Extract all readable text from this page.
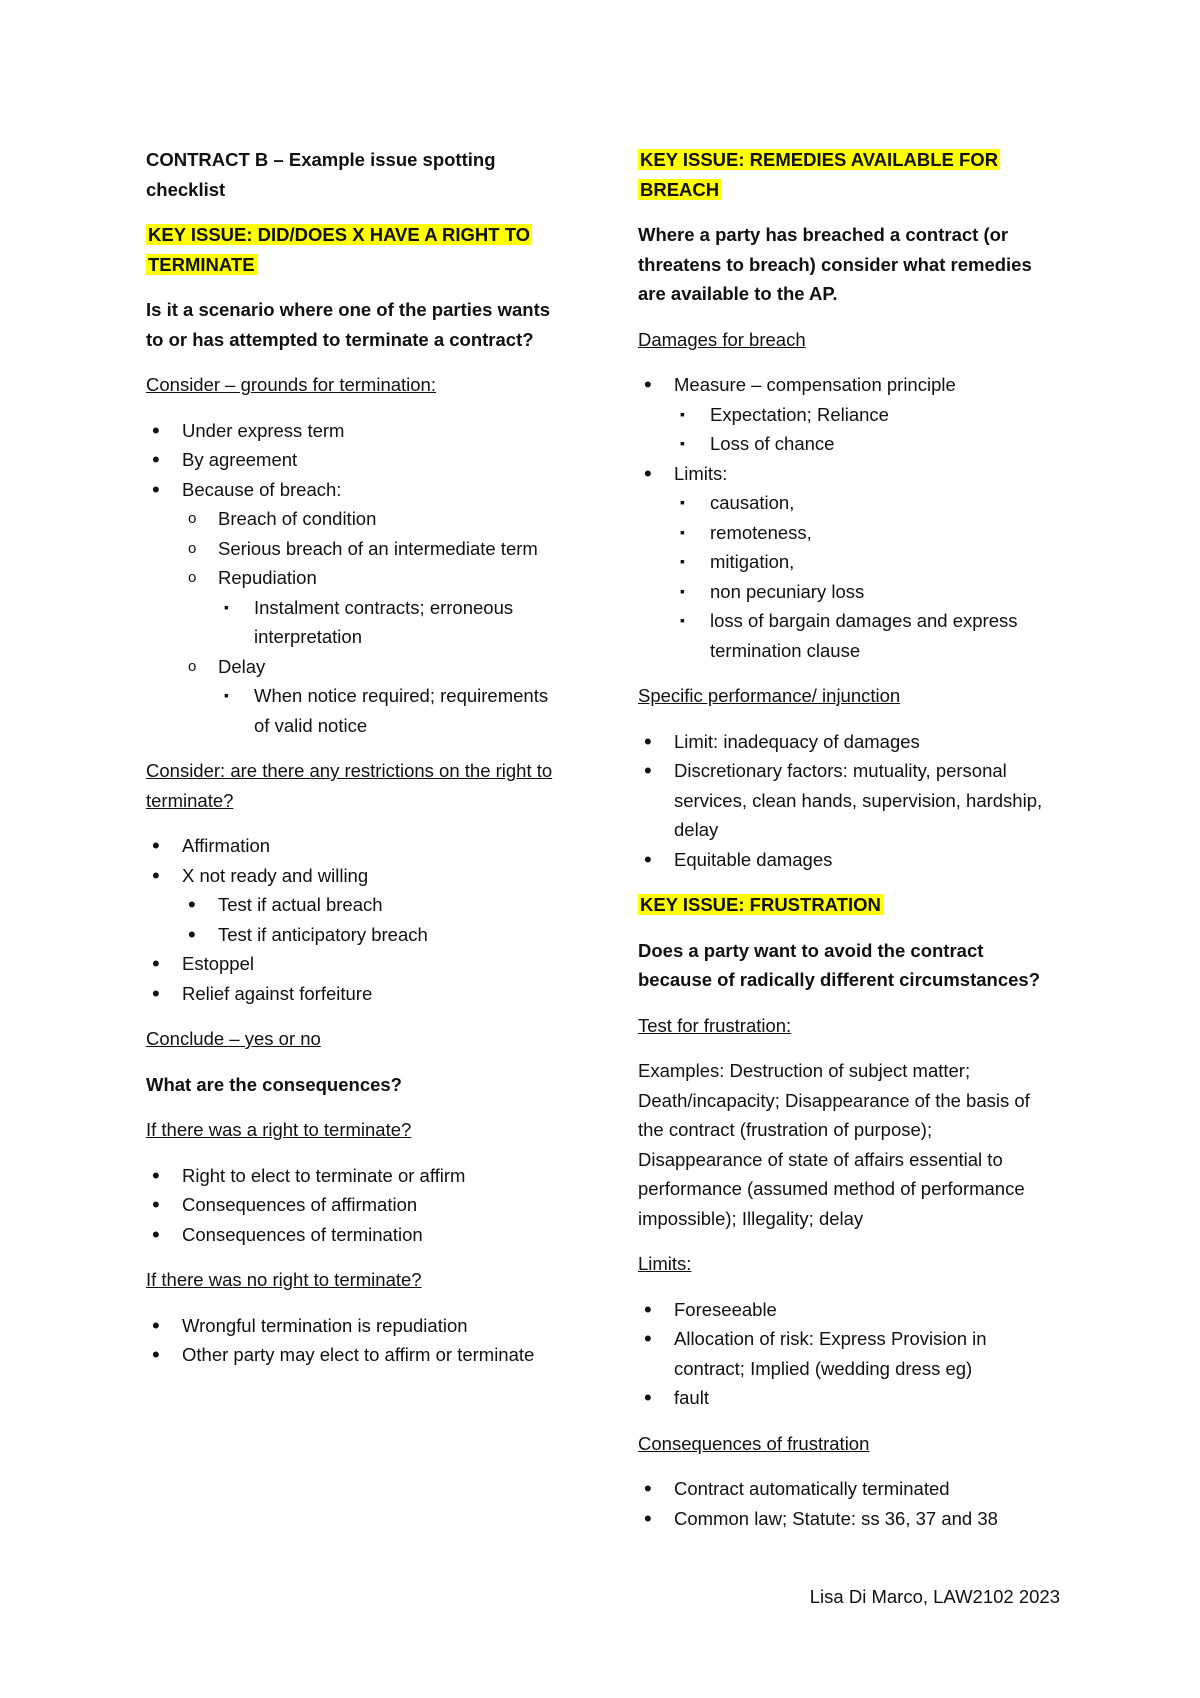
CONTRACT B – Example issue spotting checklist

KEY ISSUE: DID/DOES X HAVE A RIGHT TO TERMINATE

Is it a scenario where one of the parties wants to or has attempted to terminate a contract?

Consider – grounds for termination:

•
Under express term
•
By agreement
•
Because of breach:
o
Breach of condition
o
Serious breach of an intermediate term
o
Repudiation
▪
Instalment contracts; erroneous interpretation
o
Delay
▪
When notice required; requirements of valid notice

Consider: are there any restrictions on the right to terminate?

•
Affirmation
•
X not ready and willing
•
Test if actual breach
•
Test if anticipatory breach
•
Estoppel
•
Relief against forfeiture

Conclude – yes or no

What are the consequences?

If there was a right to terminate?

•
Right to elect to terminate or affirm
•
Consequences of affirmation
•
Consequences of termination

If there was no right to terminate?

•
Wrongful termination is repudiation
•
Other party may elect to affirm or terminate

KEY ISSUE: REMEDIES AVAILABLE FOR BREACH

Where a party has breached a contract (or threatens to breach) consider what remedies are available to the AP.

Damages for breach

•
Measure – compensation principle
▪
Expectation; Reliance
▪
Loss of chance
•
Limits:
▪
causation,
▪
remoteness,
▪
mitigation,
▪
non pecuniary loss
▪
loss of bargain damages and express termination clause

Specific performance/ injunction

•
Limit: inadequacy of damages
•
Discretionary factors: mutuality, personal services, clean hands, supervision, hardship, delay
•
Equitable damages

KEY ISSUE: FRUSTRATION

Does a party want to avoid the contract because of radically different circumstances?

Test for frustration:

Examples: Destruction of subject matter; Death/incapacity; Disappearance of the basis of the contract (frustration of purpose); Disappearance of state of affairs essential to performance (assumed method of performance impossible); Illegality; delay

Limits:

•
Foreseeable
•
Allocation of risk: Express Provision in contract; Implied (wedding dress eg)
•
fault

Consequences of frustration

•
Contract automatically terminated
•
Common law; Statute: ss 36, 37 and 38
Lisa Di Marco, LAW2102 2023
